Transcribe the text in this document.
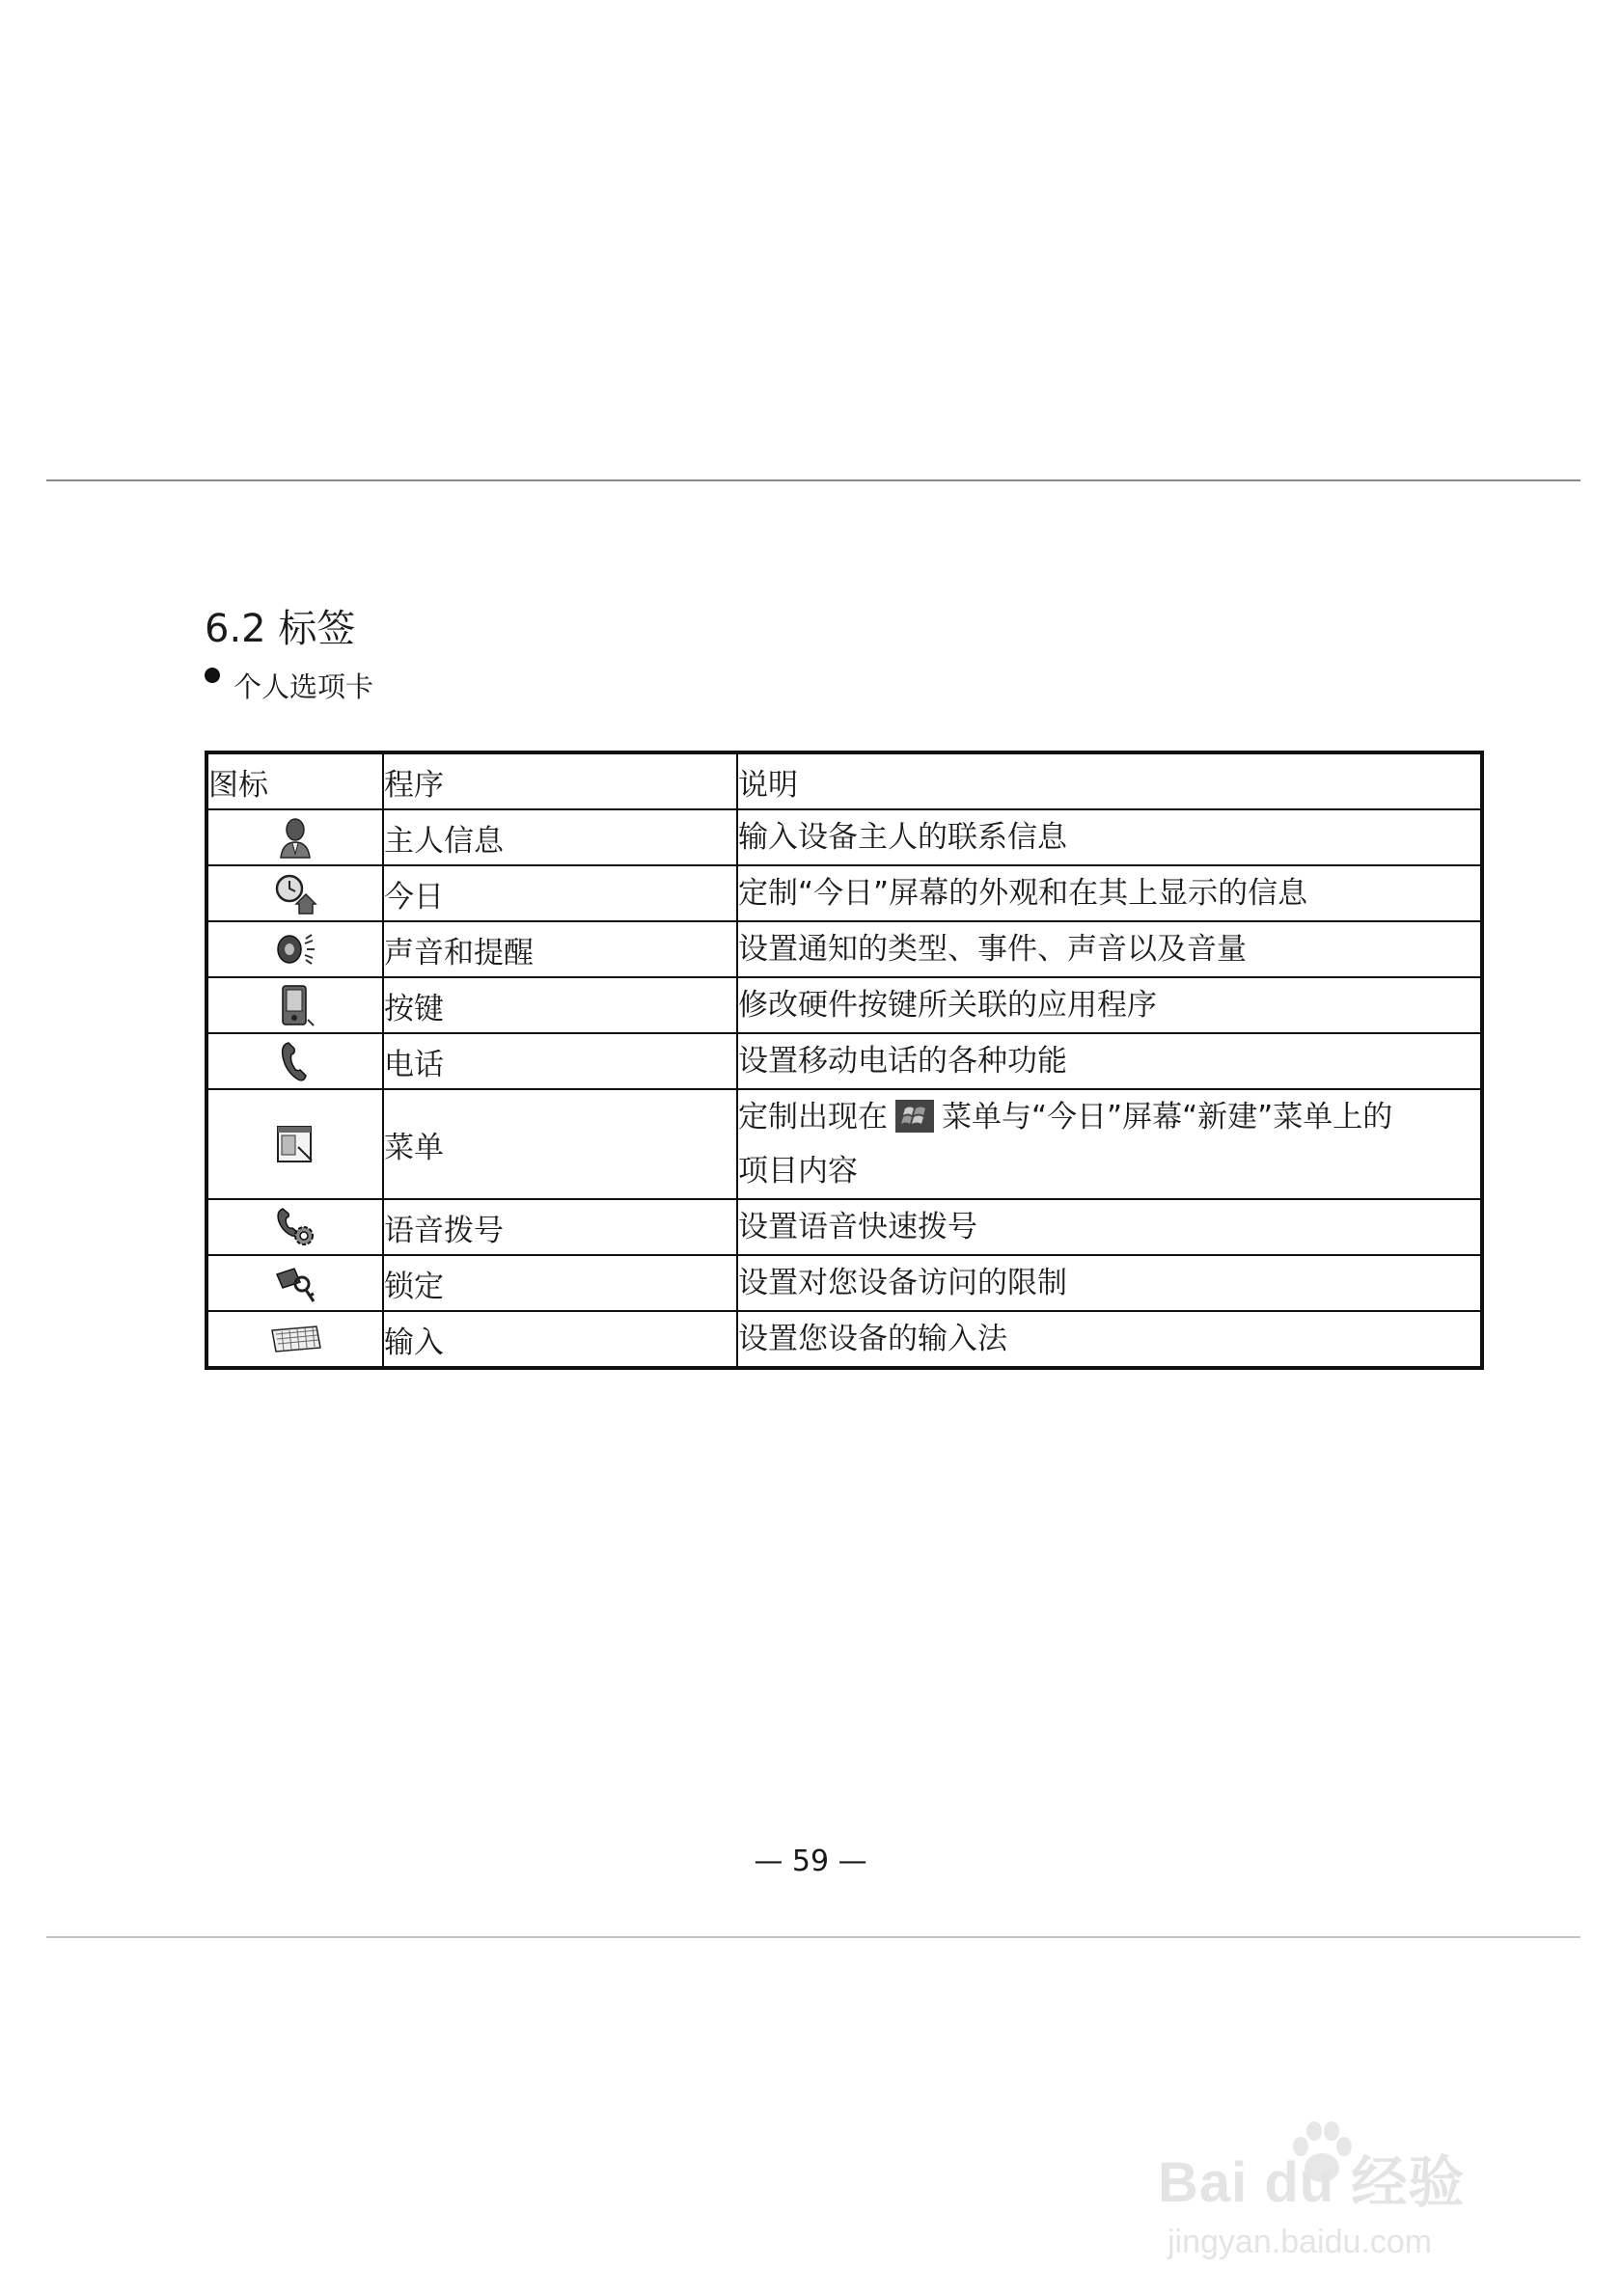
6.2 标签
个人选项卡
图标	程序	说明
	主人信息	输入设备主人的联系信息
	今日	定制“今日”屏幕的外观和在其上显示的信息
	声音和提醒	设置通知的类型、事件、声音以及音量
	按键	修改硬件按键所关联的应用程序
	电话	设置移动电话的各种功能
	菜单	定制出现在 菜单与“今日”屏幕“新建”菜单上的
项目内容
	语音拨号	设置语音快速拨号
	锁定	设置对您设备访问的限制
	输入	设置您设备的输入法
— 59 —
Bai du 经验
jingyan.baidu.com
